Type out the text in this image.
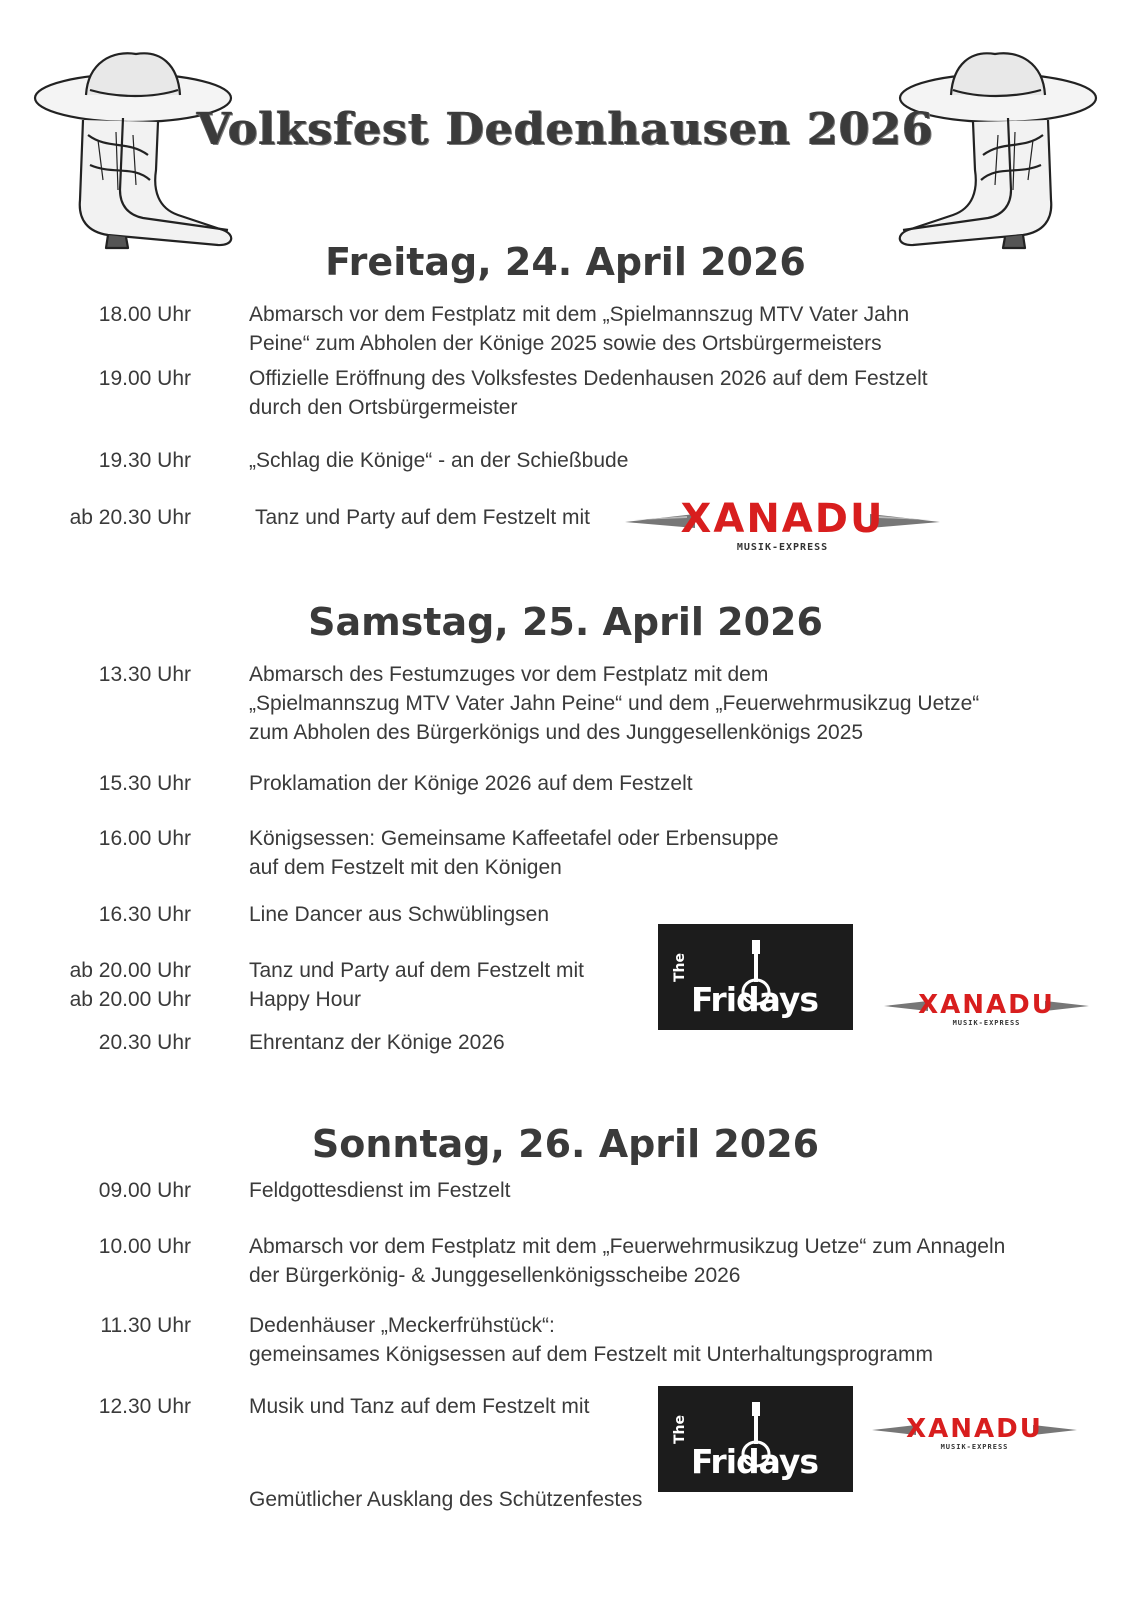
Volksfest Dedenhausen 2026
Freitag, 24. April 2026
18.00 Uhr	Abmarsch vor dem Festplatz mit dem „Spielmannszug MTV Vater Jahn
Peine“ zum Abholen der Könige 2025 sowie des Ortsbürgermeisters
19.00 Uhr	Offizielle Eröffnung des Volksfestes Dedenhausen 2026 auf dem Festzelt
durch den Ortsbürgermeister
19.30 Uhr	„Schlag die Könige“ - an der Schießbude
ab 20.30 Uhr	Tanz und Party auf dem Festzelt mit	XANADU
MUSIK-EXPRESS
Samstag, 25. April 2026
13.30 Uhr	Abmarsch des Festumzuges vor dem Festplatz mit dem
„Spielmannszug MTV Vater Jahn Peine“ und dem „Feuerwehrmusikzug Uetze“
zum Abholen des Bürgerkönigs und des Junggesellenkönigs 2025
15.30 Uhr	Proklamation der Könige 2026 auf dem Festzelt
16.00 Uhr	Königsessen: Gemeinsame Kaffeetafel oder Erbensuppe
auf dem Festzelt mit den Königen
16.30 Uhr	Line Dancer aus Schwüblingsen
ab 20.00 Uhr	Tanz und Party auf dem Festzelt mit
ab 20.00 Uhr	Happy Hour
20.30 Uhr	Ehrentanz der Könige 2026
The
Fridays	XANADU
MUSIK-EXPRESS
Sonntag, 26. April 2026
09.00 Uhr	Feldgottesdienst im Festzelt
10.00 Uhr	Abmarsch vor dem Festplatz mit dem „Feuerwehrmusikzug Uetze“ zum Annageln
der Bürgerkönig- & Junggesellenkönigsscheibe 2026
11.30 Uhr	Dedenhäuser „Meckerfrühstück“:
gemeinsames Königsessen auf dem Festzelt mit Unterhaltungsprogramm
12.30 Uhr	Musik und Tanz auf dem Festzelt mit
Gemütlicher Ausklang des Schützenfestes
The
Fridays
XANADU
MUSIK-EXPRESS
